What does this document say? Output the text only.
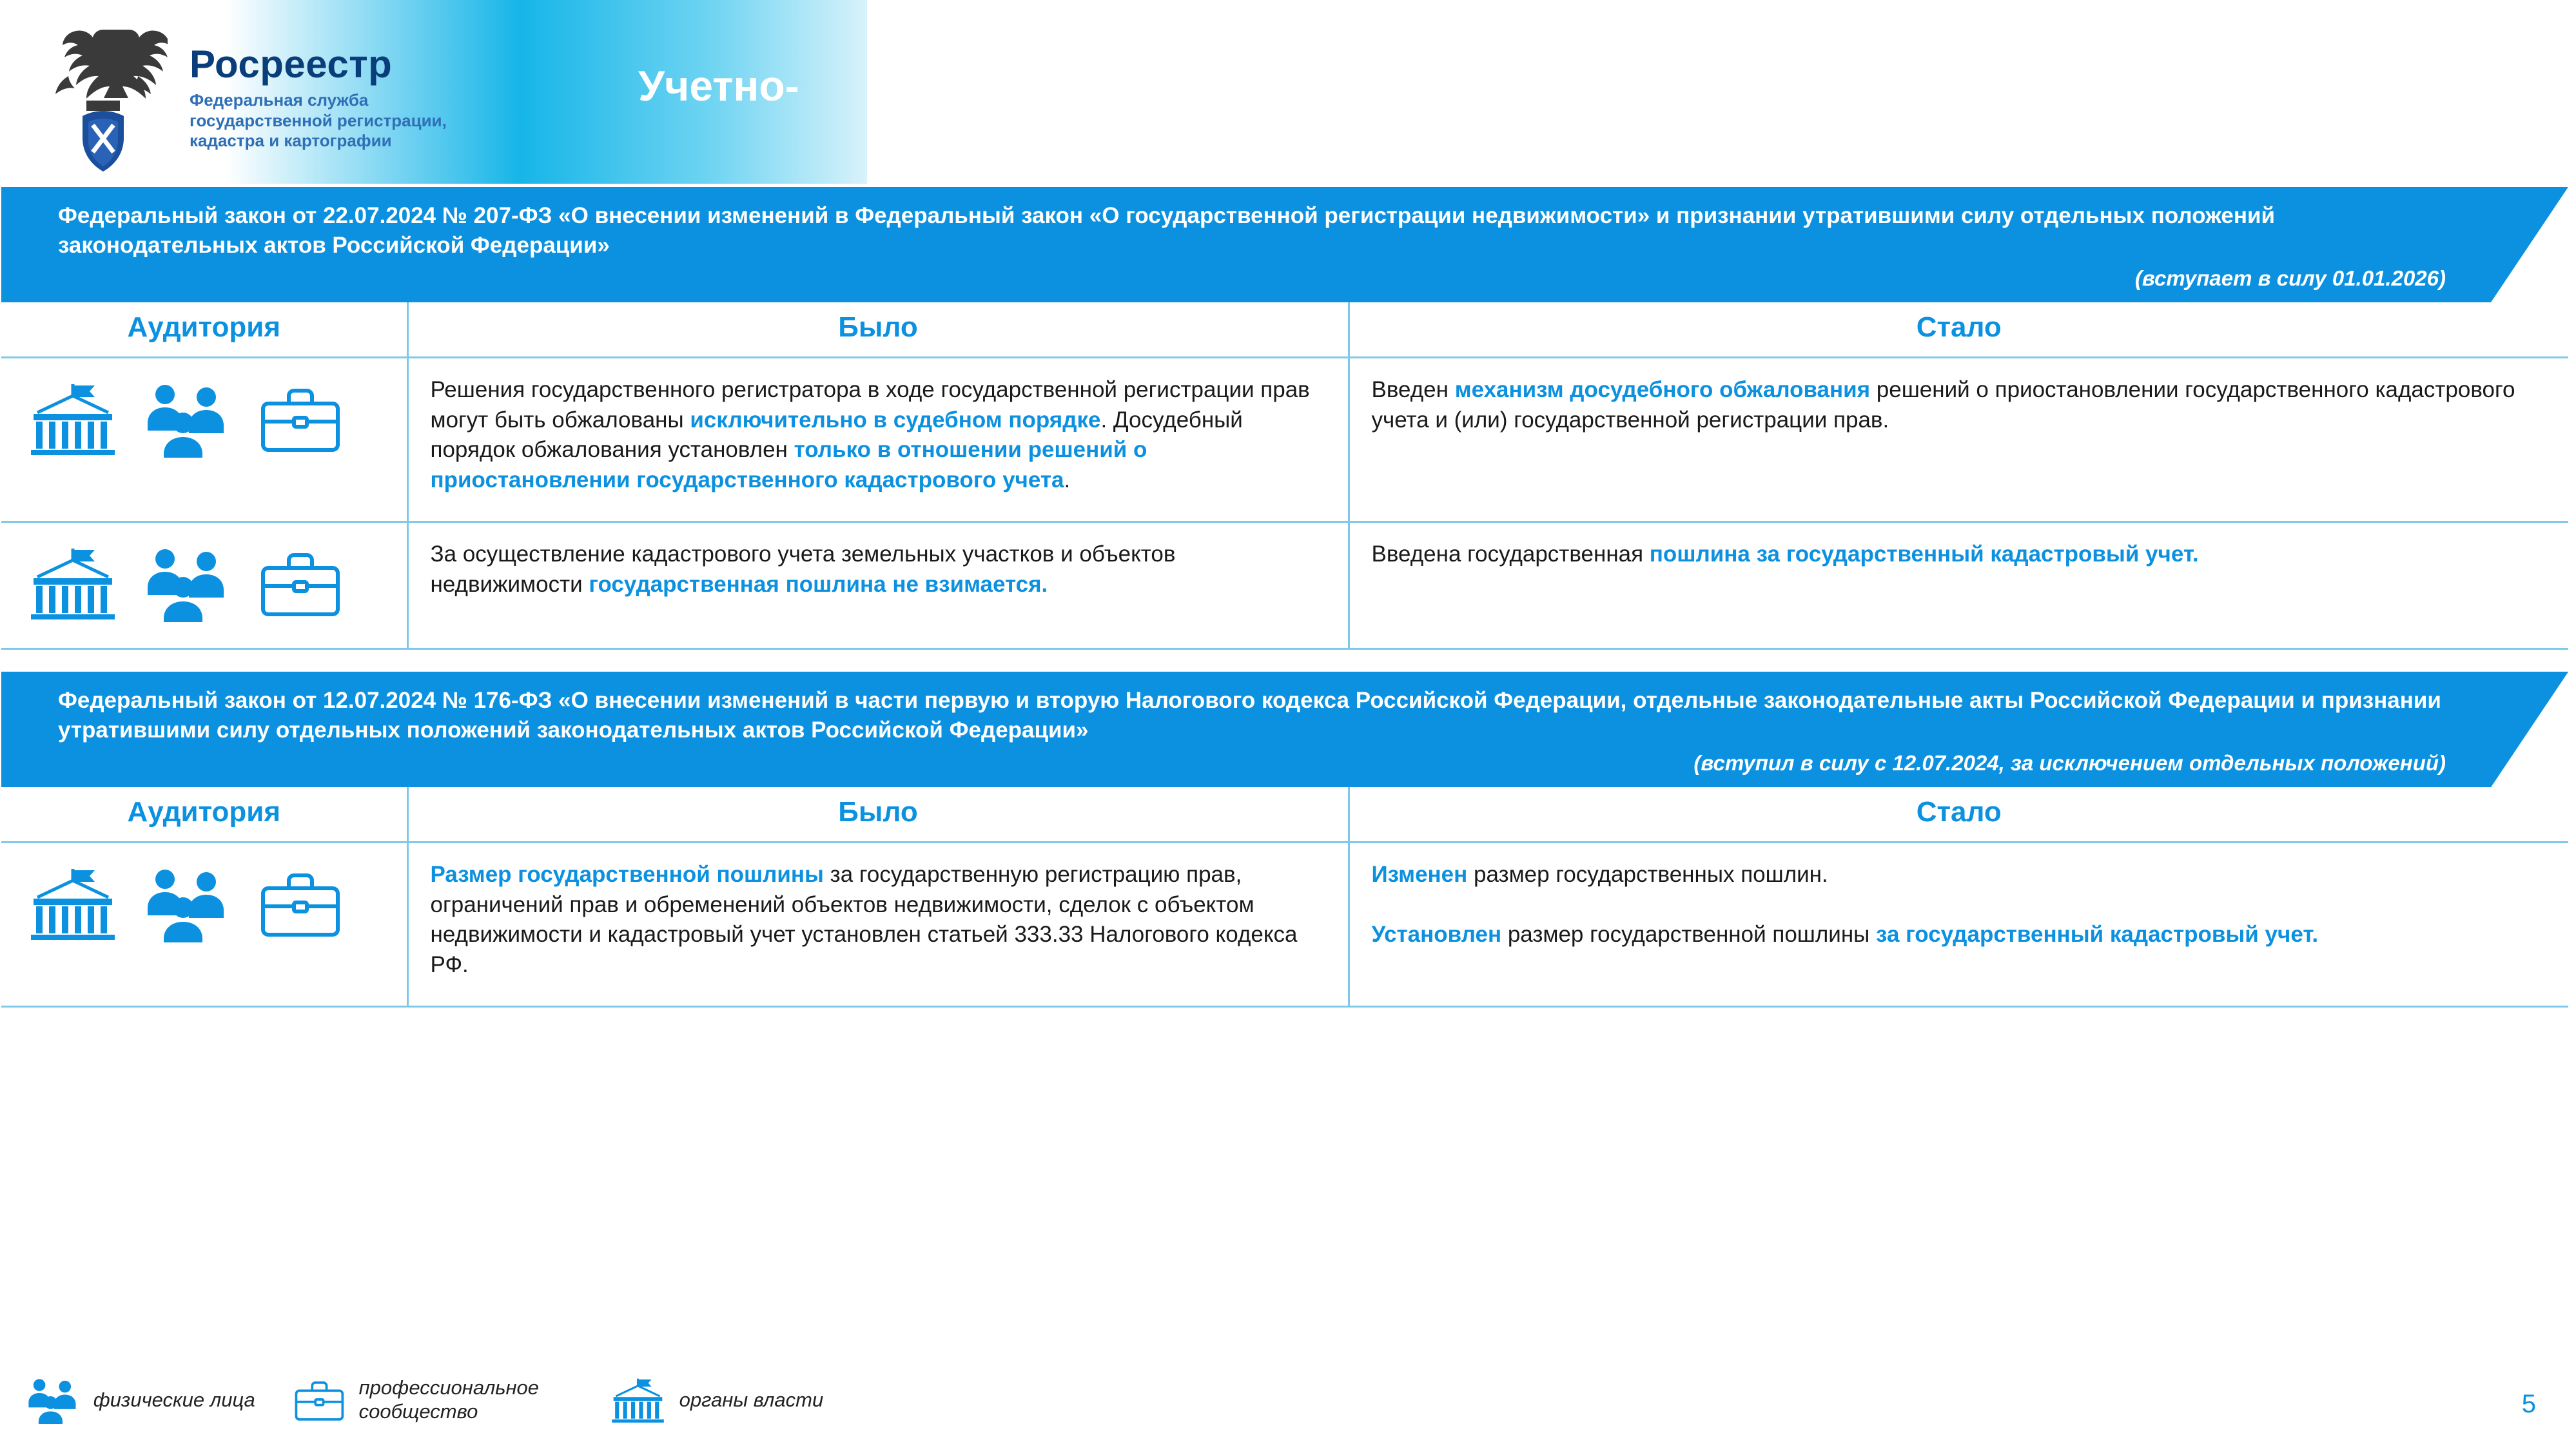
Росреестр
Федеральная служба
государственной регистрации,
кадастра и картографии
Учетно-
Федеральный закон от 22.07.2024 № 207-ФЗ «О внесении изменений в Федеральный закон «О государственной регистрации недвижимости» и признании утратившими силу отдельных положений законодательных актов Российской Федерации»
(вступает в силу 01.01.2026)
Аудитория	Было	Стало

	Решения государственного регистратора в ходе государственной регистрации прав могут быть обжалованы исключительно в судебном порядке. Досудебный порядок обжалования установлен только в отношении решений о приостановлении государственного кадастрового учета.	Введен механизм досудебного обжалования решений о приостановлении государственного кадастрового учета и (или) государственной регистрации прав.

	За осуществление кадастрового учета земельных участков и объектов недвижимости государственная пошлина не взимается.	Введена государственная пошлина за государственный кадастровый учет.
Федеральный закон от 12.07.2024 № 176-ФЗ «О внесении изменений в части первую и вторую Налогового кодекса Российской Федерации, отдельные законодательные акты Российской Федерации и признании утратившими силу отдельных положений законодательных актов Российской Федерации»
(вступил в силу с 12.07.2024, за исключением отдельных положений)
Аудитория	Было	Стало

	Размер государственной пошлины за государственную регистрацию прав, ограничений прав и обременений объектов недвижимости, сделок с объектом недвижимости и кадастровый учет установлен статьей 333.33 Налогового кодекса РФ.	Изменен размер государственных пошлин.

Установлен размер государственной пошлины за государственный кадастровый учет.
физические лица
профессиональное сообщество
органы власти	5
